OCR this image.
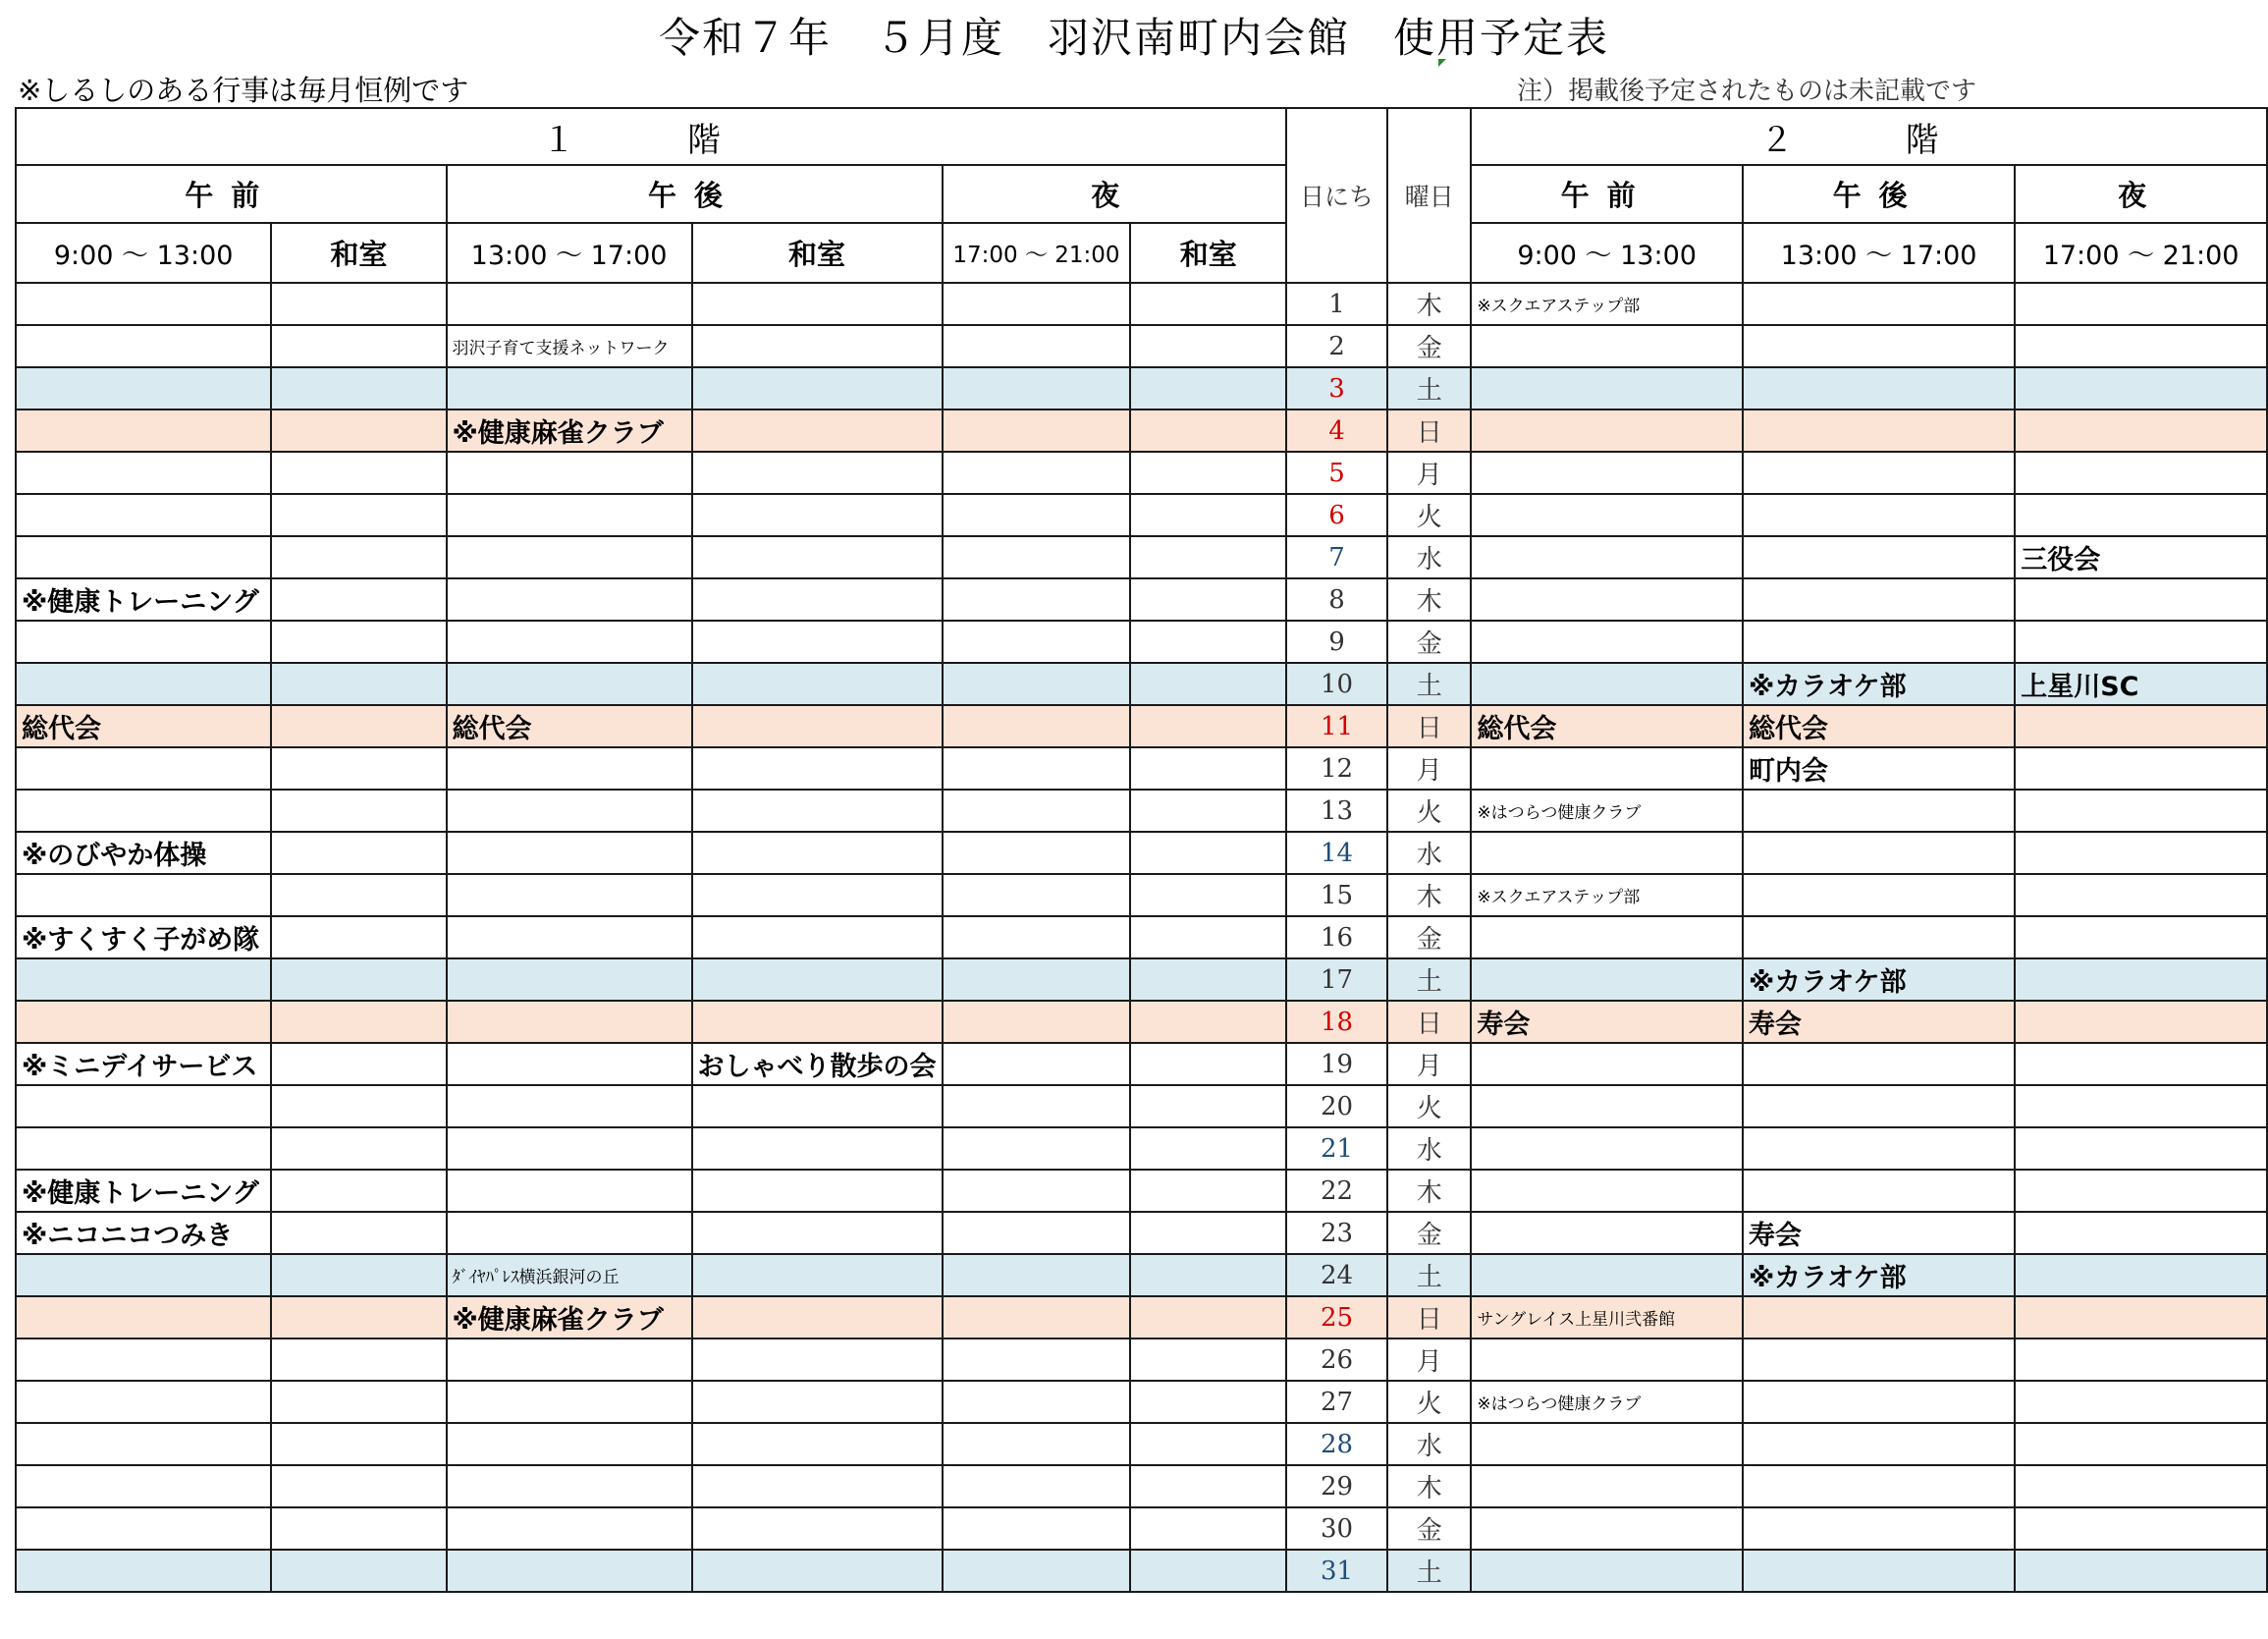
令和７年　５月度　羽沢南町内会館　使用予定表
※しるしのある行事は毎月恒例です	注）掲載後予定されたものは未記載です
１　階						日にち	曜日	２　階		
午前		午後		夜				午前	午後	夜
9:00 〜 13:00	和室	13:00 〜 17:00	和室	17:00 〜 21:00	和室			9:00 〜 13:00	13:00 〜 17:00	17:00 〜 21:00
						1	木	※スクエアステップ部		
		羽沢子育て支援ネットワーク				2	金			
						3	土			
		※健康麻雀クラブ				4	日			
						5	月			
						6	火			
						7	水			三役会
※健康トレーニング						8	木			
						9	金			
						10	土		※カラオケ部	上星川SC
総代会		総代会				11	日	総代会	総代会	
						12	月		町内会	
						13	火	※はつらつ健康クラブ		
※のびやか体操						14	水			
						15	木	※スクエアステップ部		
※すくすく子がめ隊						16	金			
						17	土		※カラオケ部	
						18	日	寿会	寿会	
※ミニデイサービス			おしゃべり散歩の会			19	月			
						20	火			
						21	水			
※健康トレーニング						22	木			
※ニコニコつみき						23	金		寿会	
		ﾀﾞｲﾔﾊﾟﾚｽ横浜銀河の丘				24	土		※カラオケ部	
		※健康麻雀クラブ				25	日	サングレイス上星川弐番館		
						26	月			
						27	火	※はつらつ健康クラブ		
						28	水			
						29	木			
						30	金			
						31	土			
